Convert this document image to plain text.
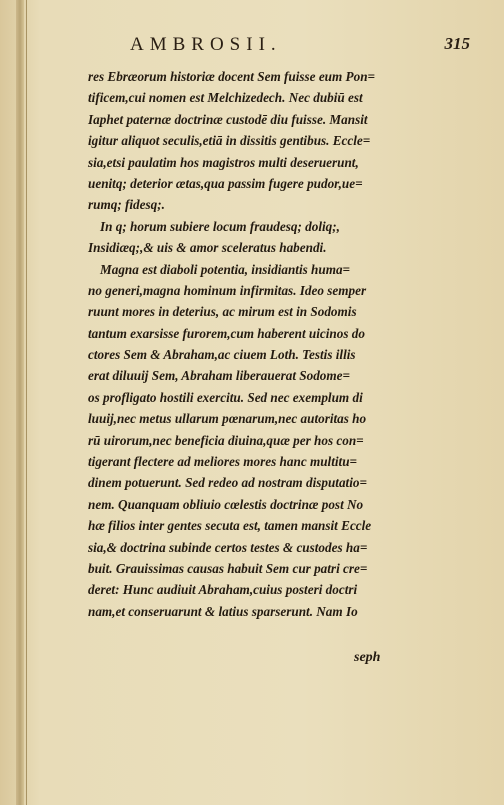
AMBROSII.	315
res Ebræorum historiæ docent Sem fuisse eum Pon=
tificem,cui nomen est Melchizedech. Nec dubiū est
Iaphet paternæ doctrinæ custodē diu fuisse. Mansit
igitur aliquot seculis,etiā in dissitis gentibus. Eccle=
sia,etsi paulatim hos magistros multi deseruerunt,
uenitq; deterior ætas,qua passim fugere pudor,ue=
rumq; fidesq;.
In q; horum subiere locum fraudesq; doliq;,
Insidiæq;,& uis & amor sceleratus habendi.
Magna est diaboli potentia, insidiantis huma=
no generi,magna hominum infirmitas. Ideo semper
ruunt mores in deterius, ac mirum est in Sodomis
tantum exarsisse furorem,cum haberent uicinos do
ctores Sem & Abraham,ac ciuem Loth. Testis illis
erat diluuij Sem, Abraham liberauerat Sodome=
os profligato hostili exercitu. Sed nec exemplum di
luuij,nec metus ullarum pœnarum,nec autoritas ho
rū uirorum,nec beneficia diuina,quæ per hos con=
tigerant flectere ad meliores mores hanc multitu=
dinem potuerunt. Sed redeo ad nostram disputatio=
nem. Quanquam obliuio cœlestis doctrinæ post No
hæ filios inter gentes secuta est, tamen mansit Eccle
sia,& doctrina subinde certos testes & custodes ha=
buit. Grauissimas causas habuit Sem cur patri cre=
deret: Hunc audiuit Abraham,cuius posteri doctri
nam,et conseruarunt & latius sparserunt. Nam Io
seph
